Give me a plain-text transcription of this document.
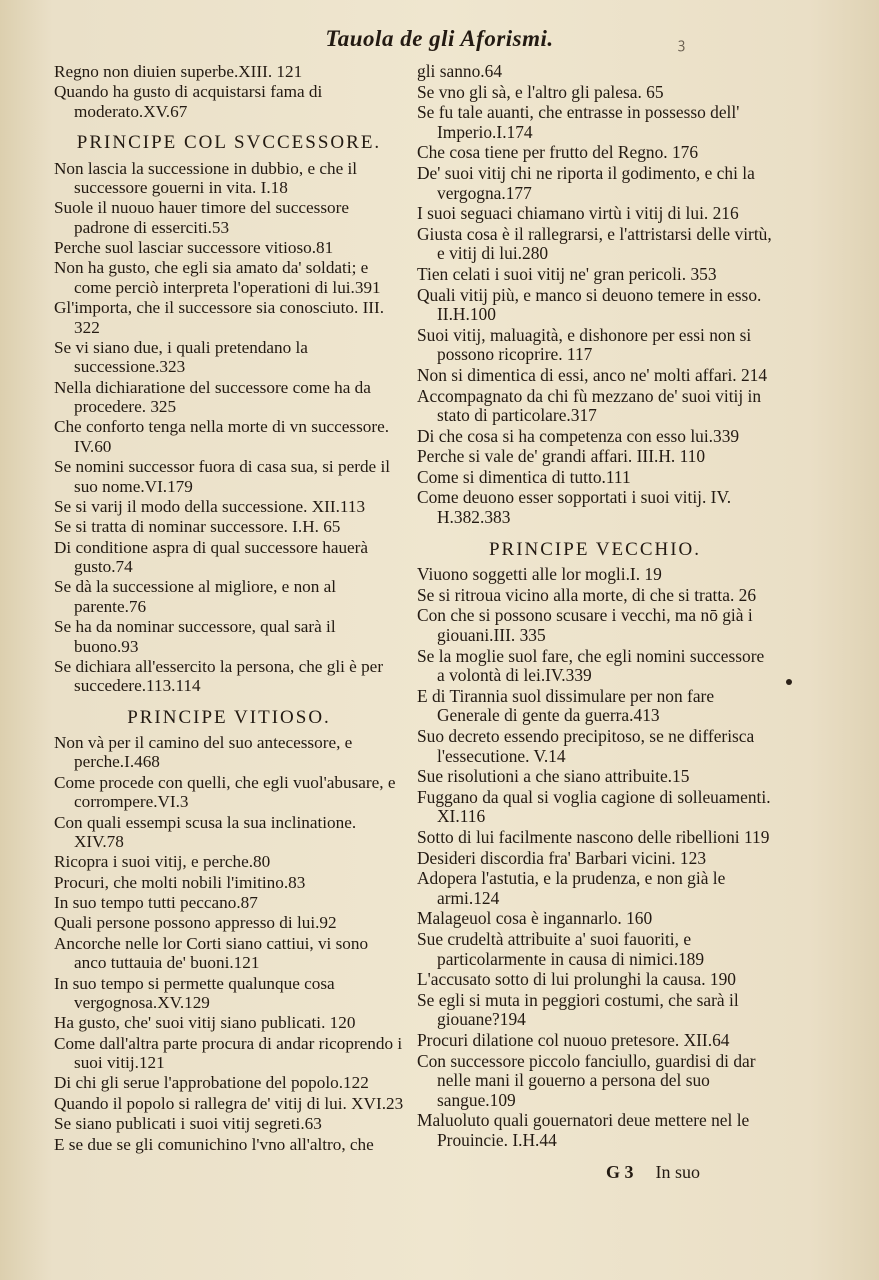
Tauola de gli Aforismi.	ꝫ
Regno non diuien superbe.XIII. 121
Quando ha gusto di acquistarsi fama di moderato.XV.67
PRINCIPE COL SVCCESSORE.
Non lascia la successione in dubbio, e che il successore gouerni in vita. I.18
Suole il nuouo hauer timore del successore padrone di esserciti.53
Perche suol lasciar successore vitioso.81
Non ha gusto, che egli sia amato da' soldati; e come perciò interpreta l'operationi di lui.391
Gl'importa, che il successore sia conosciuto. III. 322
Se vi siano due, i quali pretendano la successione.323
Nella dichiaratione del successore come ha da procedere. 325
Che conforto tenga nella morte di vn successore. IV.60
Se nomini successor fuora di casa sua, si perde il suo nome.VI.179
Se si varij il modo della successione. XII.113
Se si tratta di nominar successore. I.H. 65
Di conditione aspra di qual successore hauerà gusto.74
Se dà la successione al migliore, e non al parente.76
Se ha da nominar successore, qual sarà il buono.93
Se dichiara all'essercito la persona, che gli è per succedere.113.114
PRINCIPE VITIOSO.
Non và per il camino del suo antecessore, e perche.I.468
Come procede con quelli, che egli vuol'abusare, e corrompere.VI.3
Con quali essempi scusa la sua inclinatione. XIV.78
Ricopra i suoi vitij, e perche.80
Procuri, che molti nobili l'imitino.83
In suo tempo tutti peccano.87
Quali persone possono appresso di lui.92
Ancorche nelle lor Corti siano cattiui, vi sono anco tuttauia de' buoni.121
In suo tempo si permette qualunque cosa vergognosa.XV.129
Ha gusto, che' suoi vitij siano publicati. 120
Come dall'altra parte procura di andar ricoprendo i suoi vitij.121
Di chi gli serue l'approbatione del popolo.122
Quando il popolo si rallegra de' vitij di lui. XVI.23
Se siano publicati i suoi vitij segreti.63
E se due se gli comunichino l'vno all'altro, che
gli sanno.64
Se vno gli sà, e l'altro gli palesa. 65
Se fu tale auanti, che entrasse in possesso dell' Imperio.I.174
Che cosa tiene per frutto del Regno. 176
De' suoi vitij chi ne riporta il godimento, e chi la vergogna.177
I suoi seguaci chiamano virtù i vitij di lui. 216
Giusta cosa è il rallegrarsi, e l'attristarsi delle virtù, e vitij di lui.280
Tien celati i suoi vitij ne' gran pericoli. 353
Quali vitij più, e manco si deuono temere in esso. II.H.100
Suoi vitij, maluagità, e dishonore per essi non si possono ricoprire. 117
Non si dimentica di essi, anco ne' molti affari. 214
Accompagnato da chi fù mezzano de' suoi vitij in stato di particolare.317
Di che cosa si ha competenza con esso lui.339
Perche si vale de' grandi affari. III.H. 110
Come si dimentica di tutto.111
Come deuono esser sopportati i suoi vitij. IV. H.382.383
PRINCIPE VECCHIO.
Viuono soggetti alle lor mogli.I. 19
Se si ritroua vicino alla morte, di che si tratta. 26
Con che si possono scusare i vecchi, ma nō già i giouani.III. 335
Se la moglie suol fare, che egli nomini successore a volontà di lei.IV.339
E di Tirannia suol dissimulare per non fare Generale di gente da guerra.413
Suo decreto essendo precipitoso, se ne differisca l'essecutione. V.14
Sue risolutioni a che siano attribuite.15
Fuggano da qual si voglia cagione di solleuamenti. XI.116
Sotto di lui facilmente nascono delle ribellioni 119
Desideri discordia fra' Barbari vicini. 123
Adopera l'astutia, e la prudenza, e non già le armi.124
Malageuol cosa è ingannarlo. 160
Sue crudeltà attribuite a' suoi fauoriti, e particolarmente in causa di nimici.189
L'accusato sotto di lui prolunghi la causa. 190
Se egli si muta in peggiori costumi, che sarà il giouane?194
Procuri dilatione col nuouo pretesore. XII.64
Con successore piccolo fanciullo, guardisi di dar nelle mani il gouerno a persona del suo sangue.109
Maluoluto quali gouernatori deue mettere nel le Prouincie. I.H.44
G 3 In suo
